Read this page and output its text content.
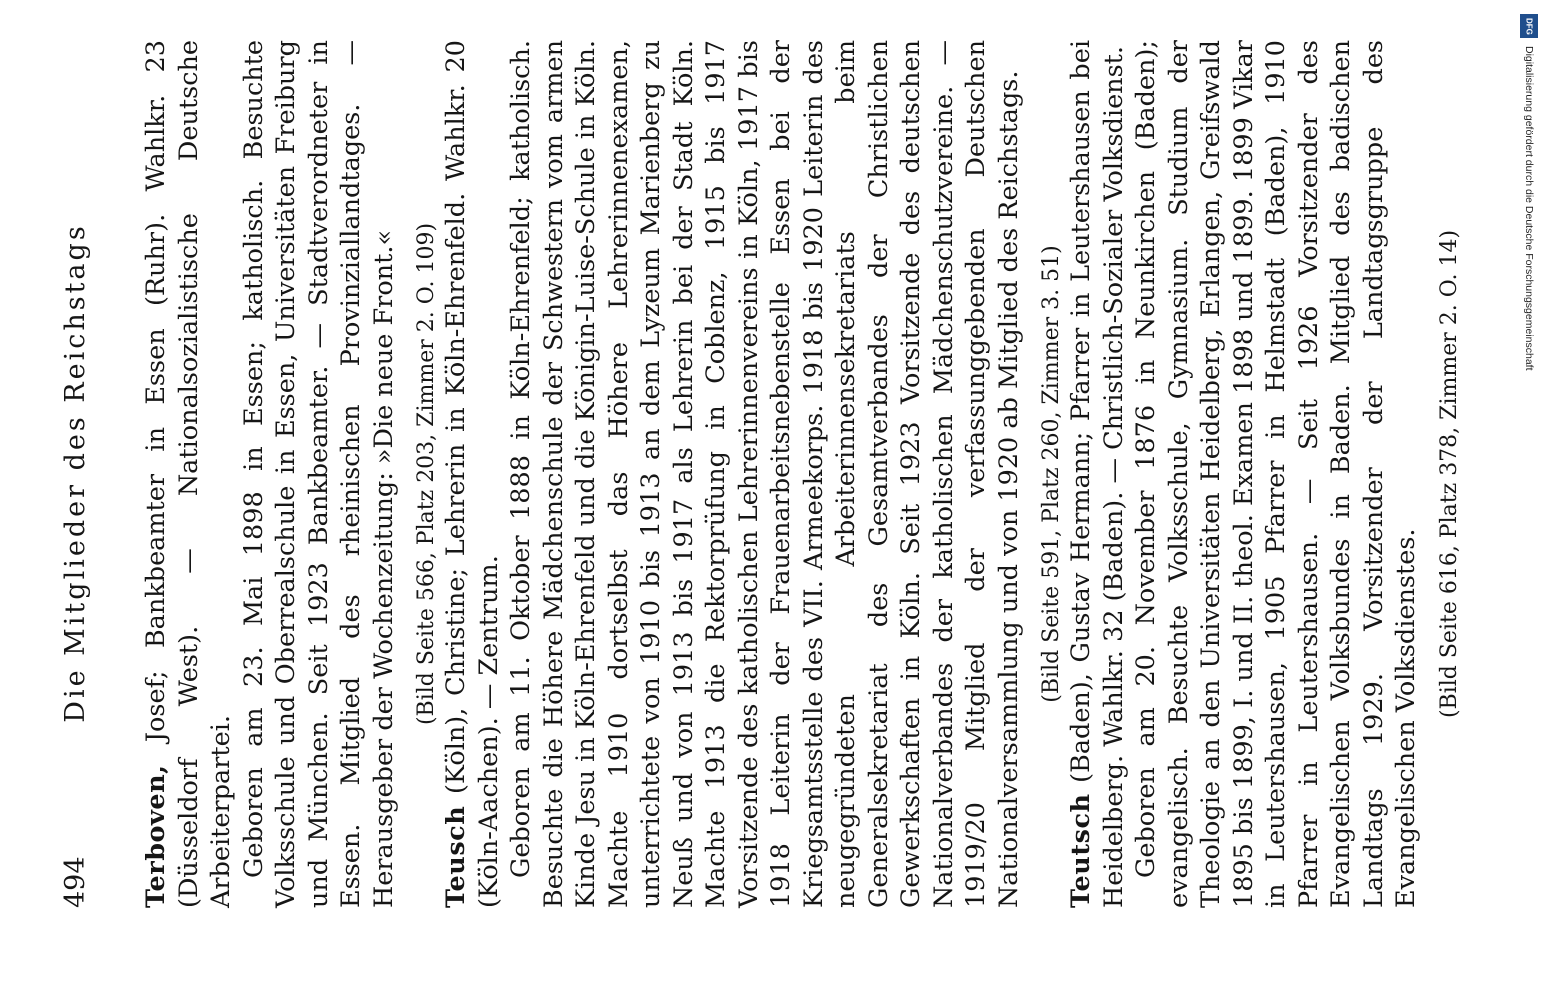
494
Die Mitglieder des Reichstags

Terboven, Josef; Bankbeamter in Essen (Ruhr). Wahlkr. 23 (Düsseldorf West). — Nationalsozialistische Deutsche Arbeiterpartei. Geboren am 23. Mai 1898 in Essen; katholisch. Besuchte Volksschule und Oberrealschule in Essen, Universitäten Freiburg und München. Seit 1923 Bankbeamter. — Stadtverordneter in Essen. Mitglied des rheinischen Provinziallandtages. — Herausgeber der Wochenzeitung: »Die neue Front.« (Bild Seite 566, Platz 203, Zimmer 2. O. 109)

Teusch (Köln), Christine; Lehrerin in Köln-Ehrenfeld. Wahlkr. 20 (Köln-Aachen). — Zentrum. Geboren am 11. Oktober 1888 in Köln-Ehrenfeld; katholisch. Besuchte die Höhere Mädchenschule der Schwestern vom armen Kinde Jesu in Köln-Ehrenfeld und die Königin-Luise-Schule in Köln. Machte 1910 dortselbst das Höhere Lehrerinnenexamen, unterrichtete von 1910 bis 1913 an dem Lyzeum Marienberg zu Neuß und von 1913 bis 1917 als Lehrerin bei der Stadt Köln. Machte 1913 die Rektorprüfung in Coblenz, 1915 bis 1917 Vorsitzende des katholischen Lehrerinnenvereins in Köln, 1917 bis 1918 Leiterin der Frauenarbeitsnebenstelle Essen bei der Kriegsamtsstelle des VII. Armeekorps. 1918 bis 1920 Leiterin des neugegründeten Arbeiterinnensekretariats beim Generalsekretariat des Gesamtverbandes der Christlichen Gewerkschaften in Köln. Seit 1923 Vorsitzende des deutschen Nationalverbandes der katholischen Mädchenschutzvereine. — 1919/20 Mitglied der verfassunggebenden Deutschen Nationalversammlung und von 1920 ab Mitglied des Reichstags. (Bild Seite 591, Platz 260, Zimmer 3. 51)

Teutsch (Baden), Gustav Hermann; Pfarrer in Leutershausen bei Heidelberg. Wahlkr. 32 (Baden). — Christlich-Sozialer Volksdienst. Geboren am 20. November 1876 in Neunkirchen (Baden); evangelisch. Besuchte Volksschule, Gymnasium. Studium der Theologie an den Universitäten Heidelberg, Erlangen, Greifswald 1895 bis 1899, I. und II. theol. Examen 1898 und 1899. 1899 Vikar in Leutershausen, 1905 Pfarrer in Helmstadt (Baden), 1910 Pfarrer in Leutershausen. — Seit 1926 Vorsitzender des Evangelischen Volksbundes in Baden. Mitglied des badischen Landtags 1929. Vorsitzender der Landtagsgruppe des Evangelischen Volksdienstes.

(Bild Seite 616, Platz 378, Zimmer 2. O. 14)

DFG
Digitalisierung gefördert durch die Deutsche Forschungsgemeinschaft
